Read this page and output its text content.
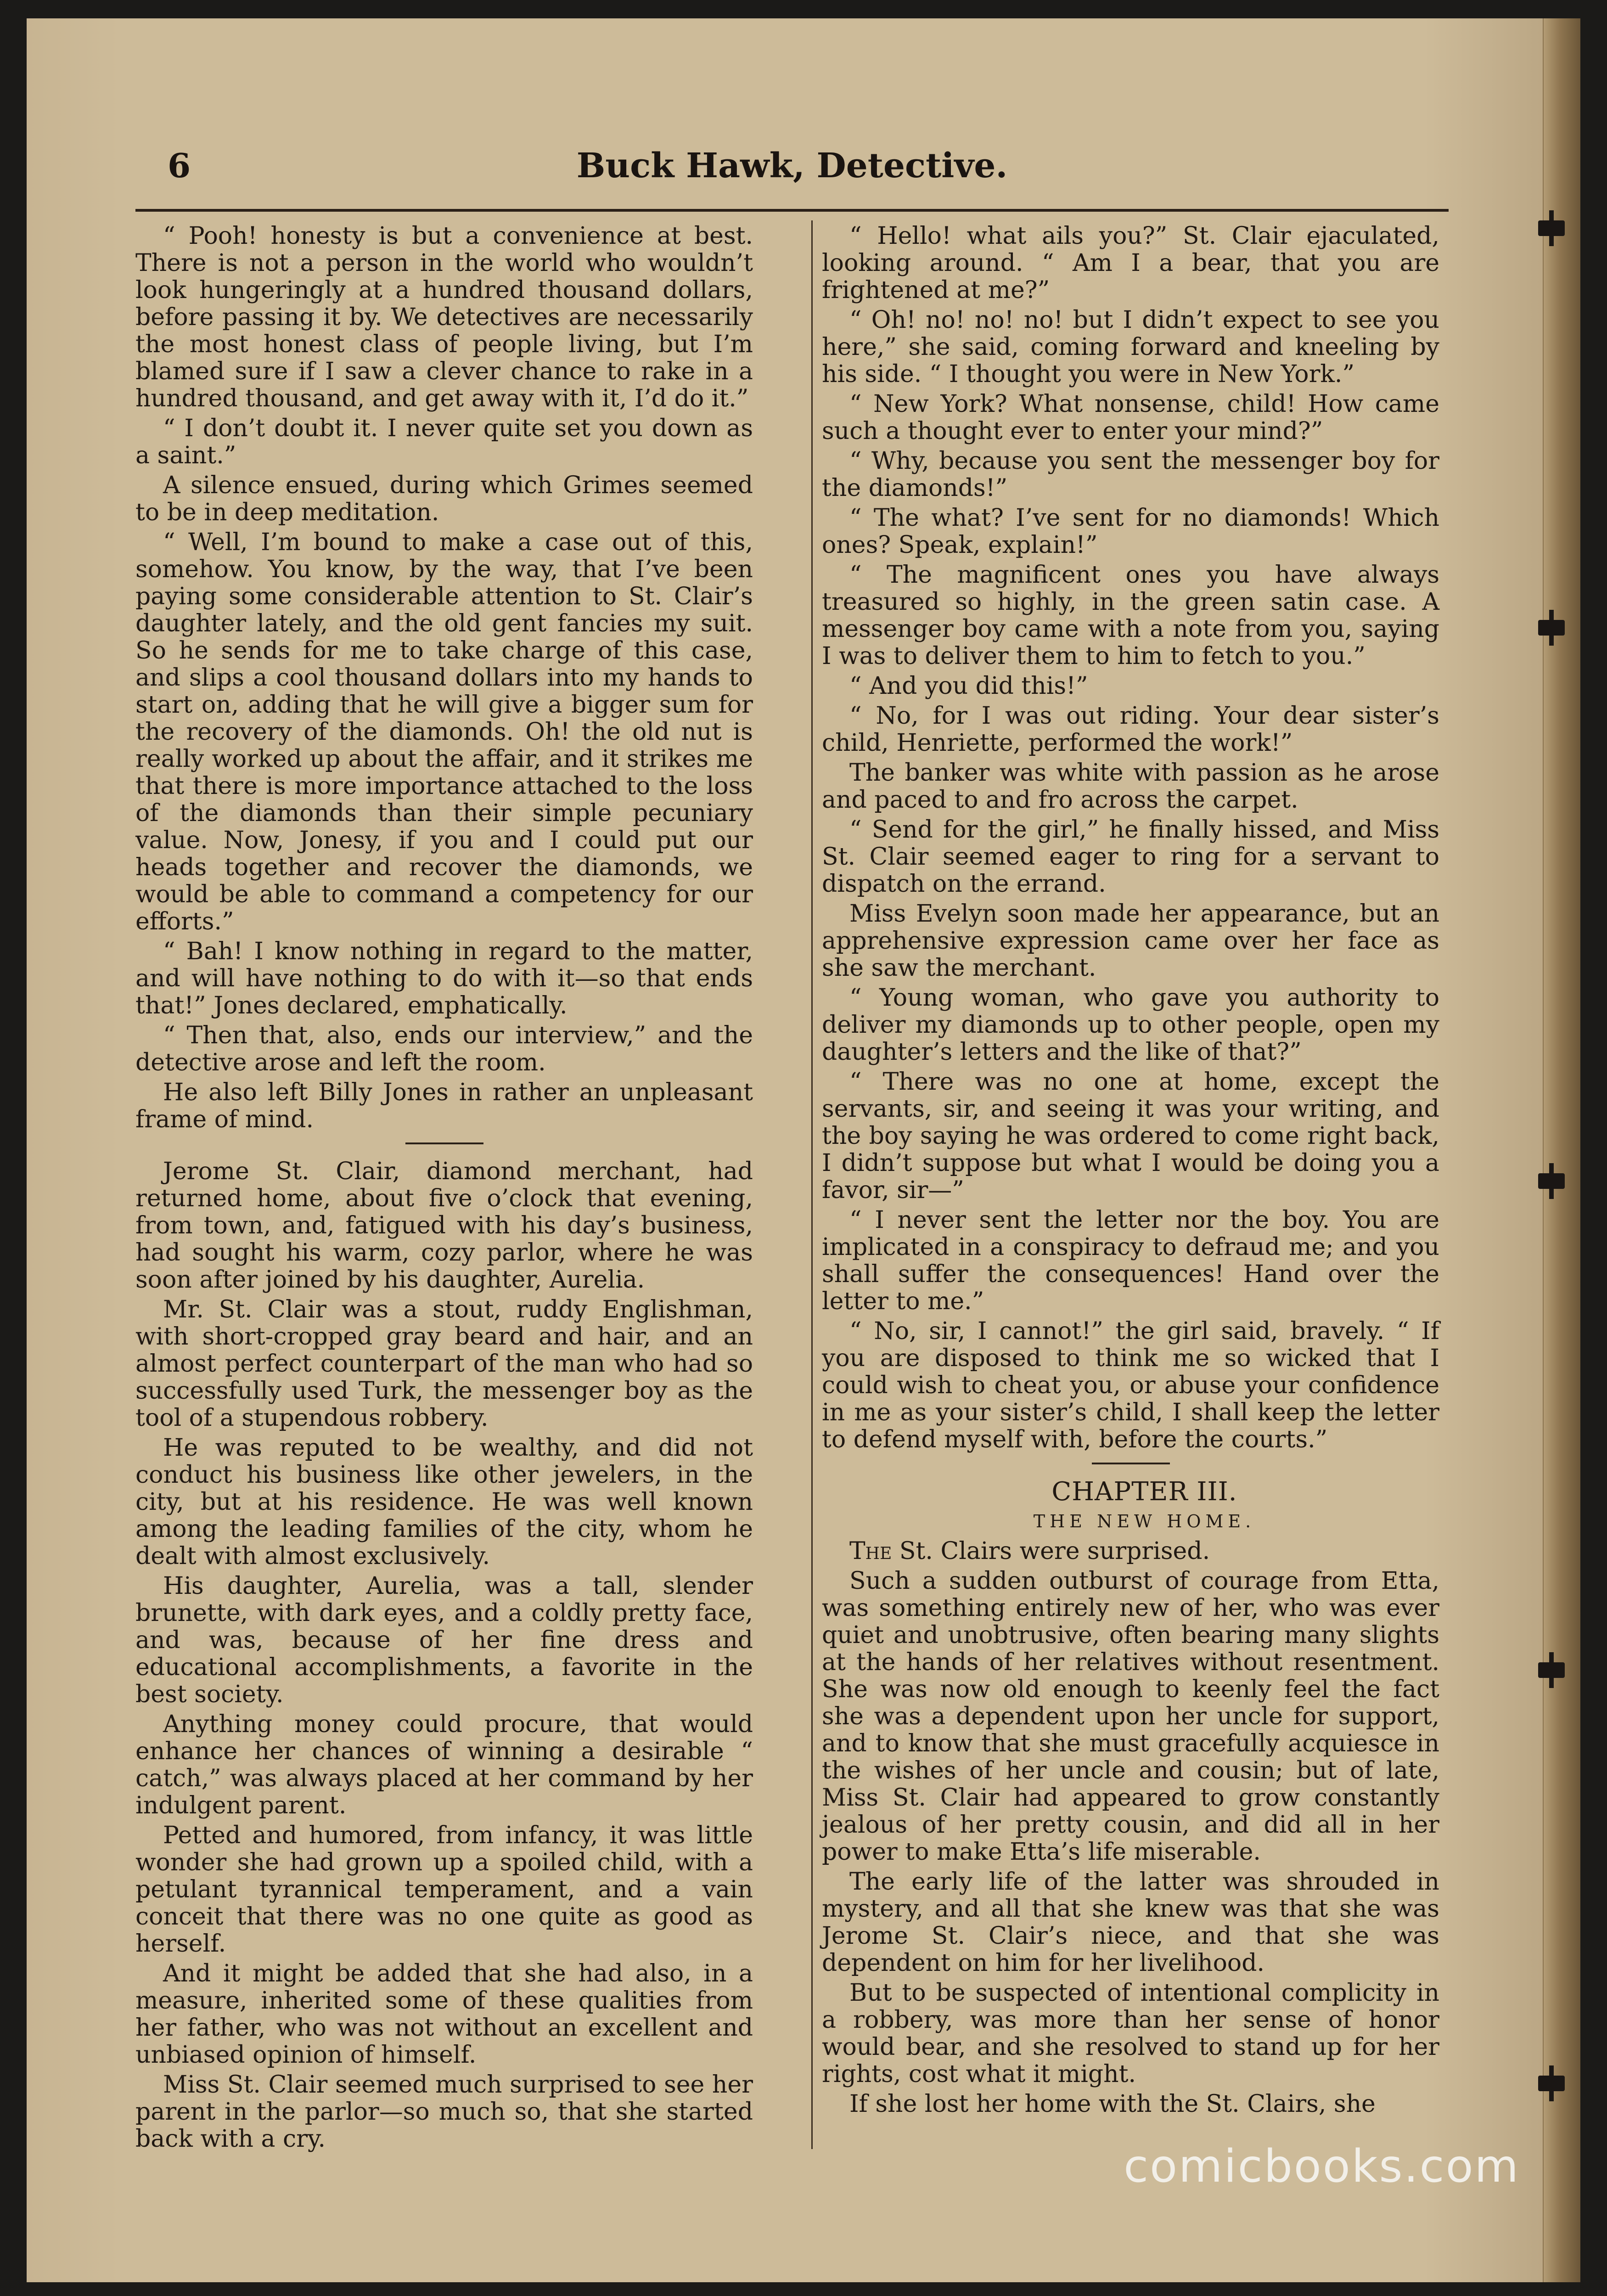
6	Buck Hawk, Detective.

“ Pooh! honesty is but a convenience at best. There is not a person in the world who wouldn’t look hungeringly at a hundred thousand dollars, before passing it by. We detectives are necessarily the most honest class of people living, but I’m blamed sure if I saw a clever chance to rake in a hundred thousand, and get away with it, I’d do it.”

“ I don’t doubt it. I never quite set you down as a saint.”

A silence ensued, during which Grimes seemed to be in deep meditation.

“ Well, I’m bound to make a case out of this, somehow. You know, by the way, that I’ve been paying some considerable attention to St. Clair’s daughter lately, and the old gent fancies my suit. So he sends for me to take charge of this case, and slips a cool thousand dollars into my hands to start on, adding that he will give a bigger sum for the recovery of the diamonds. Oh! the old nut is really worked up about the affair, and it strikes me that there is more importance attached to the loss of the diamonds than their simple pecuniary value. Now, Jonesy, if you and I could put our heads together and recover the diamonds, we would be able to command a competency for our efforts.”

“ Bah! I know nothing in regard to the matter, and will have nothing to do with it—so that ends that!” Jones declared, emphatically.

“ Then that, also, ends our interview,” and the detective arose and left the room.

He also left Billy Jones in rather an unpleasant frame of mind.

Jerome St. Clair, diamond merchant, had returned home, about five o’clock that evening, from town, and, fatigued with his day’s business, had sought his warm, cozy parlor, where he was soon after joined by his daughter, Aurelia.

Mr. St. Clair was a stout, ruddy Englishman, with short-cropped gray beard and hair, and an almost perfect counterpart of the man who had so successfully used Turk, the messenger boy as the tool of a stupendous robbery.

He was reputed to be wealthy, and did not conduct his business like other jewelers, in the city, but at his residence. He was well known among the leading families of the city, whom he dealt with almost exclusively.

His daughter, Aurelia, was a tall, slender brunette, with dark eyes, and a coldly pretty face, and was, because of her fine dress and educational accomplishments, a favorite in the best society.

Anything money could procure, that would enhance her chances of winning a desirable “ catch,” was always placed at her command by her indulgent parent.

Petted and humored, from infancy, it was little wonder she had grown up a spoiled child, with a petulant tyrannical temperament, and a vain conceit that there was no one quite as good as herself.

And it might be added that she had also, in a measure, inherited some of these qualities from her father, who was not without an excellent and unbiased opinion of himself.

Miss St. Clair seemed much surprised to see her parent in the parlor—so much so, that she started back with a cry.

“ Hello! what ails you?” St. Clair ejaculated, looking around. “ Am I a bear, that you are frightened at me?”

“ Oh! no! no! no! but I didn’t expect to see you here,” she said, coming forward and kneeling by his side. “ I thought you were in New York.”

“ New York? What nonsense, child! How came such a thought ever to enter your mind?”

“ Why, because you sent the messenger boy for the diamonds!”

“ The what? I’ve sent for no diamonds! Which ones? Speak, explain!”

“ The magnificent ones you have always treasured so highly, in the green satin case. A messenger boy came with a note from you, saying I was to deliver them to him to fetch to you.”

“ And you did this!”

“ No, for I was out riding. Your dear sister’s child, Henriette, performed the work!”

The banker was white with passion as he arose and paced to and fro across the carpet.

“ Send for the girl,” he finally hissed, and Miss St. Clair seemed eager to ring for a servant to dispatch on the errand.

Miss Evelyn soon made her appearance, but an apprehensive expression came over her face as she saw the merchant.

“ Young woman, who gave you authority to deliver my diamonds up to other people, open my daughter’s letters and the like of that?”

“ There was no one at home, except the servants, sir, and seeing it was your writing, and the boy saying he was ordered to come right back, I didn’t suppose but what I would be doing you a favor, sir—”

“ I never sent the letter nor the boy. You are implicated in a conspiracy to defraud me; and you shall suffer the consequences! Hand over the letter to me.”

“ No, sir, I cannot!” the girl said, bravely. “ If you are disposed to think me so wicked that I could wish to cheat you, or abuse your confidence in me as your sister’s child, I shall keep the letter to defend myself with, before the courts.”

CHAPTER III.

THE NEW HOME.

The St. Clairs were surprised.

Such a sudden outburst of courage from Etta, was something entirely new of her, who was ever quiet and unobtrusive, often bearing many slights at the hands of her relatives without resentment. She was now old enough to keenly feel the fact she was a dependent upon her uncle for support, and to know that she must gracefully acquiesce in the wishes of her uncle and cousin; but of late, Miss St. Clair had appeared to grow constantly jealous of her pretty cousin, and did all in her power to make Etta’s life miserable.

The early life of the latter was shrouded in mystery, and all that she knew was that she was Jerome St. Clair’s niece, and that she was dependent on him for her livelihood.

But to be suspected of intentional complicity in a robbery, was more than her sense of honor would bear, and she resolved to stand up for her rights, cost what it might.

If she lost her home with the St. Clairs, she

comicbooks.com
